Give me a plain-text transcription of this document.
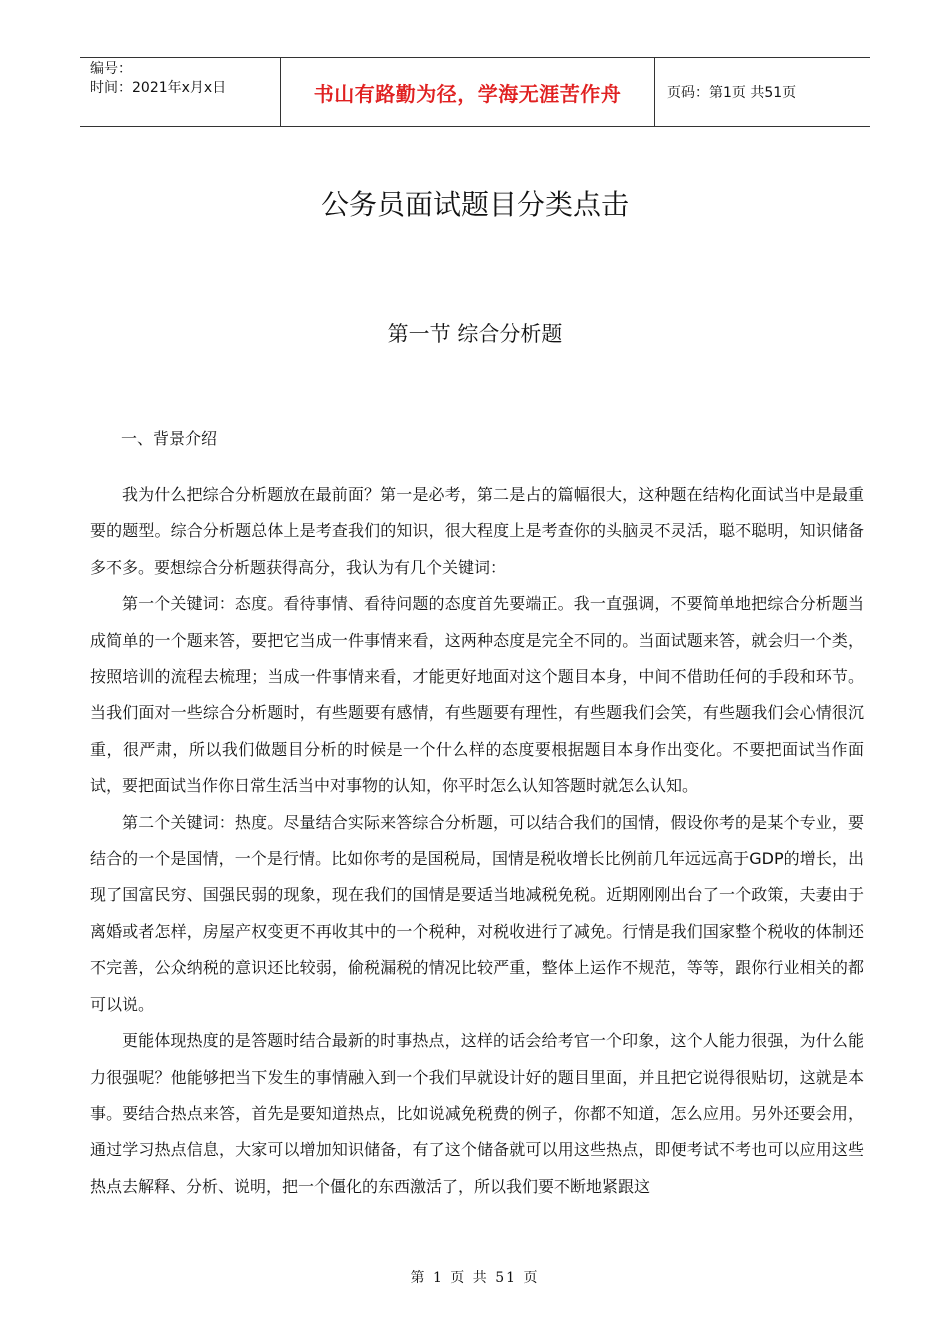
编号：
时间：2021年x月x日	书山有路勤为径，学海无涯苦作舟	页码：第1页 共51页
公务员面试题目分类点击
第一节 综合分析题
一、背景介绍

我为什么把综合分析题放在最前面？第一是必考，第二是占的篇幅很大，这种题在结构化面试当中是最重要的题型。综合分析题总体上是考查我们的知识，很大程度上是考查你的头脑灵不灵活，聪不聪明，知识储备多不多。要想综合分析题获得高分，我认为有几个关键词：

第一个关键词：态度。看待事情、看待问题的态度首先要端正。我一直强调，不要简单地把综合分析题当成简单的一个题来答，要把它当成一件事情来看，这两种态度是完全不同的。当面试题来答，就会归一个类，按照培训的流程去梳理；当成一件事情来看，才能更好地面对这个题目本身，中间不借助任何的手段和环节。当我们面对一些综合分析题时，有些题要有感情，有些题要有理性，有些题我们会笑，有些题我们会心情很沉重，很严肃，所以我们做题目分析的时候是一个什么样的态度要根据题目本身作出变化。不要把面试当作面试，要把面试当作你日常生活当中对事物的认知，你平时怎么认知答题时就怎么认知。

第二个关键词：热度。尽量结合实际来答综合分析题，可以结合我们的国情，假设你考的是某个专业，要结合的一个是国情，一个是行情。比如你考的是国税局，国情是税收增长比例前几年远远高于GDP的增长，出现了国富民穷、国强民弱的现象，现在我们的国情是要适当地减税免税。近期刚刚出台了一个政策，夫妻由于离婚或者怎样，房屋产权变更不再收其中的一个税种，对税收进行了减免。行情是我们国家整个税收的体制还不完善，公众纳税的意识还比较弱，偷税漏税的情况比较严重，整体上运作不规范，等等，跟你行业相关的都可以说。

更能体现热度的是答题时结合最新的时事热点，这样的话会给考官一个印象，这个人能力很强，为什么能力很强呢？他能够把当下发生的事情融入到一个我们早就设计好的题目里面，并且把它说得很贴切，这就是本事。要结合热点来答，首先是要知道热点，比如说减免税费的例子，你都不知道，怎么应用。另外还要会用，通过学习热点信息，大家可以增加知识储备，有了这个储备就可以用这些热点，即便考试不考也可以应用这些热点去解释、分析、说明，把一个僵化的东西激活了，所以我们要不断地紧跟这

第 1 页 共 51 页
